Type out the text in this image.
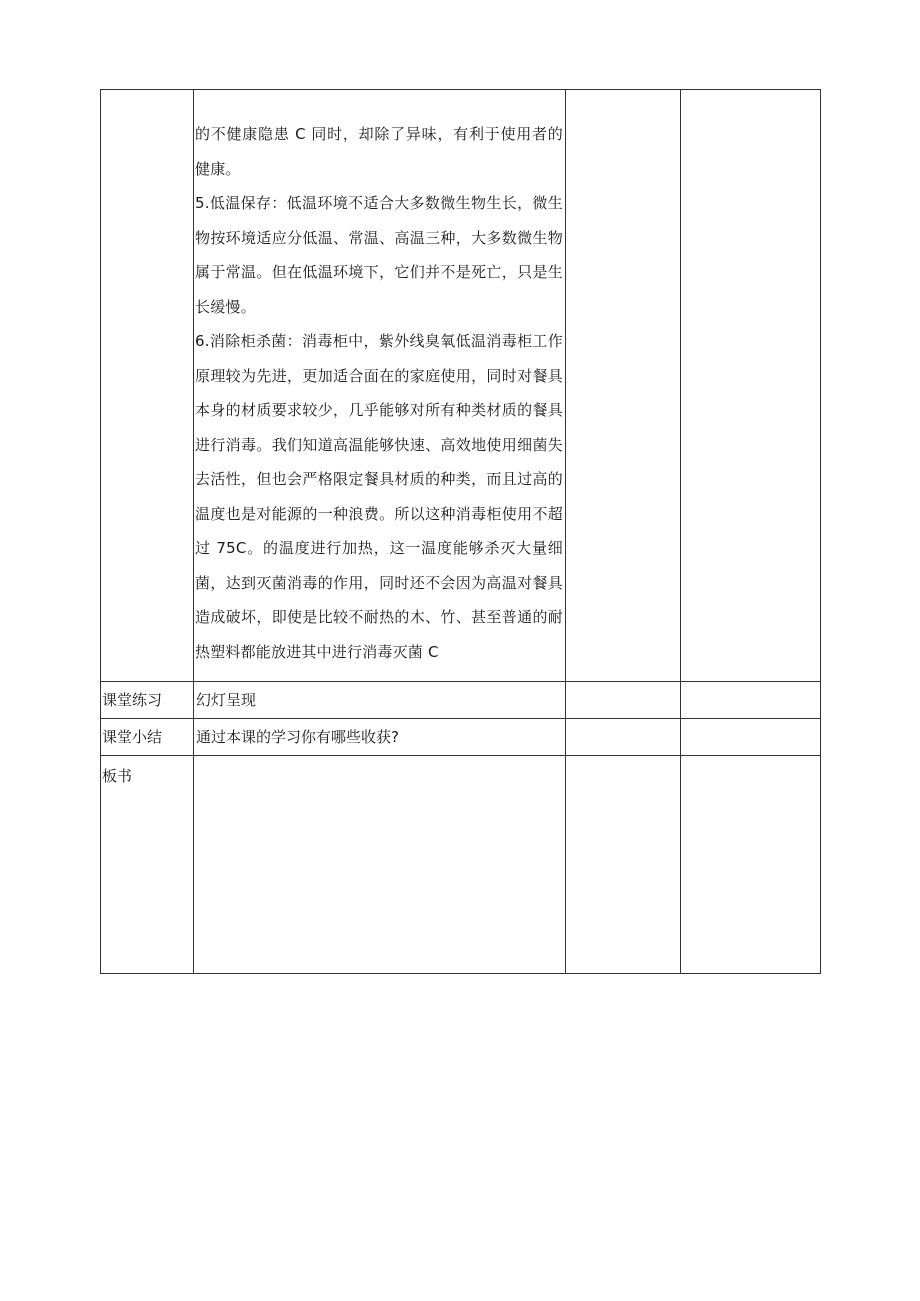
	的不健康隐患 C 同时，却除了异味，有利于使用者的健康。

5.低温保存：低温环境不适合大多数微生物生长，微生物按环境适应分低温、常温、高温三种，大多数微生物属于常温。但在低温环境下，它们并不是死亡，只是生长缓慢。

6.消除柜杀菌：消毒柜中，紫外线臭氧低温消毒柜工作原理较为先进，更加适合面在的家庭使用，同时对餐具本身的材质要求较少，几乎能够对所有种类材质的餐具进行消毒。我们知道高温能够快速、高效地使用细菌失去活性，但也会严格限定餐具材质的种类，而且过高的温度也是对能源的一种浪费。所以这种消毒柜使用不超过 75C。的温度进行加热，这一温度能够杀灭大量细菌，达到灭菌消毒的作用，同时还不会因为高温对餐具造成破坏，即使是比较不耐热的木、竹、甚至普通的耐热塑料都能放进其中进行消毒灭菌 C		

课堂练习	幻灯呈现		
课堂小结	通过本课的学习你有哪些收获?		
板书			
